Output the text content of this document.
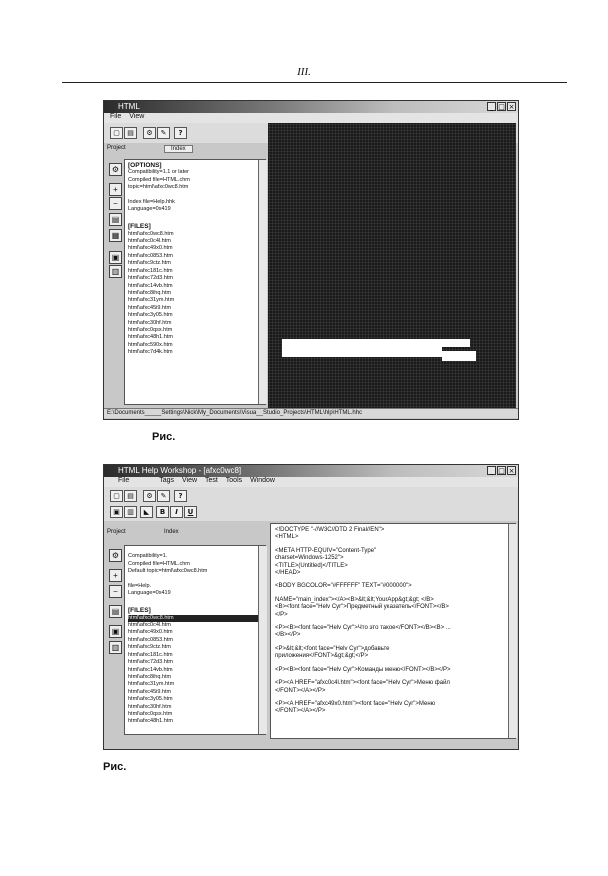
III.
HTML	_ □ ×
File View
▢	▤	⚙	✎	?
Project	Index
⚙
+
−
▤
▦
▣
▥
[OPTIONS]
Compatibility=1.1 or later
Compiled file=HTML.chm
topic=html\afxc0wc8.htm

Index file=Help.hhk
Language=0x419

[FILES]
html\afxc0wc8.htm
html\afxc0c4l.htm
html\afxc49x0.htm
html\afxc0853.htm
html\afxc9ctz.htm
html\afxc181c.htm
html\afxc72d3.htm
html\afxc14vb.htm
html\afxc8ihq.htm
html\afxc31ym.htm
html\afxc45i9.htm
html\afxc3y05.htm
html\afxc30hf.htm
html\afxc0qsx.htm
html\afxc48h1.htm
html\afxc590x.htm
html\afxc7d4k.htm
E:\Documents_____Settings\Nick\My_Documents\Visua__Studio_Projects\HTML\hlp\HTML.hhc
Рис.
HTML Help Workshop - [afxc0wc8]	_ □ ×
File	Tags View Test Tools Window
▢	▤	⚙	✎	?
▣	▥	◣	B	I	U
Project	Index
⚙
+
−
▤
▣
▥

Compatibility=1.
Compiled file=HTML.chm
Default topic=html\afxc0wc8.htm

file=Help.
Language=0x419

[FILES]
html\afxc0wc8.htm
html\afxc0c4l.htm
html\afxc49x0.htm
html\afxc0853.htm
html\afxc9ctz.htm
html\afxc181c.htm
html\afxc72d3.htm
html\afxc14vb.htm
html\afxc8ihq.htm
html\afxc31ym.htm
html\afxc45i9.htm
html\afxc3y05.htm
html\afxc30hf.htm
html\afxc0qsx.htm
html\afxc48h1.htm
<!DOCTYPE "-//W3C//DTD 2 Final//EN">
<HTML>
<META HTTP-EQUIV="Content-Type"
charset=Windows-1252">
<TITLE>(Untitled)</TITLE>
</HEAD>
<BODY BGCOLOR="#FFFFFF" TEXT="#000000">
NAME="main_index"></A><B>&lt;&lt;YourApp&gt;&gt; </B>
<B><font face="Helv Cyr">Предметный указатель</FONT></B>
</P>
<P><B><font face="Helv Cyr">Что это такое</FONT></B><B> ...
</B></P>
<P>&lt;&lt;<font face="Helv Cyr">добавьте
приложения</FONT>&gt;&gt;</P>
<P><B><font face="Helv Cyr">Команды меню</FONT></B></P>
<P><A HREF="afxc0c4l.htm"><font face="Helv Cyr">Меню файл
</FONT></A></P>
<P><A HREF="afxc49x0.htm"><font face="Helv Cyr">Меню
</FONT></A></P>
Рис.
